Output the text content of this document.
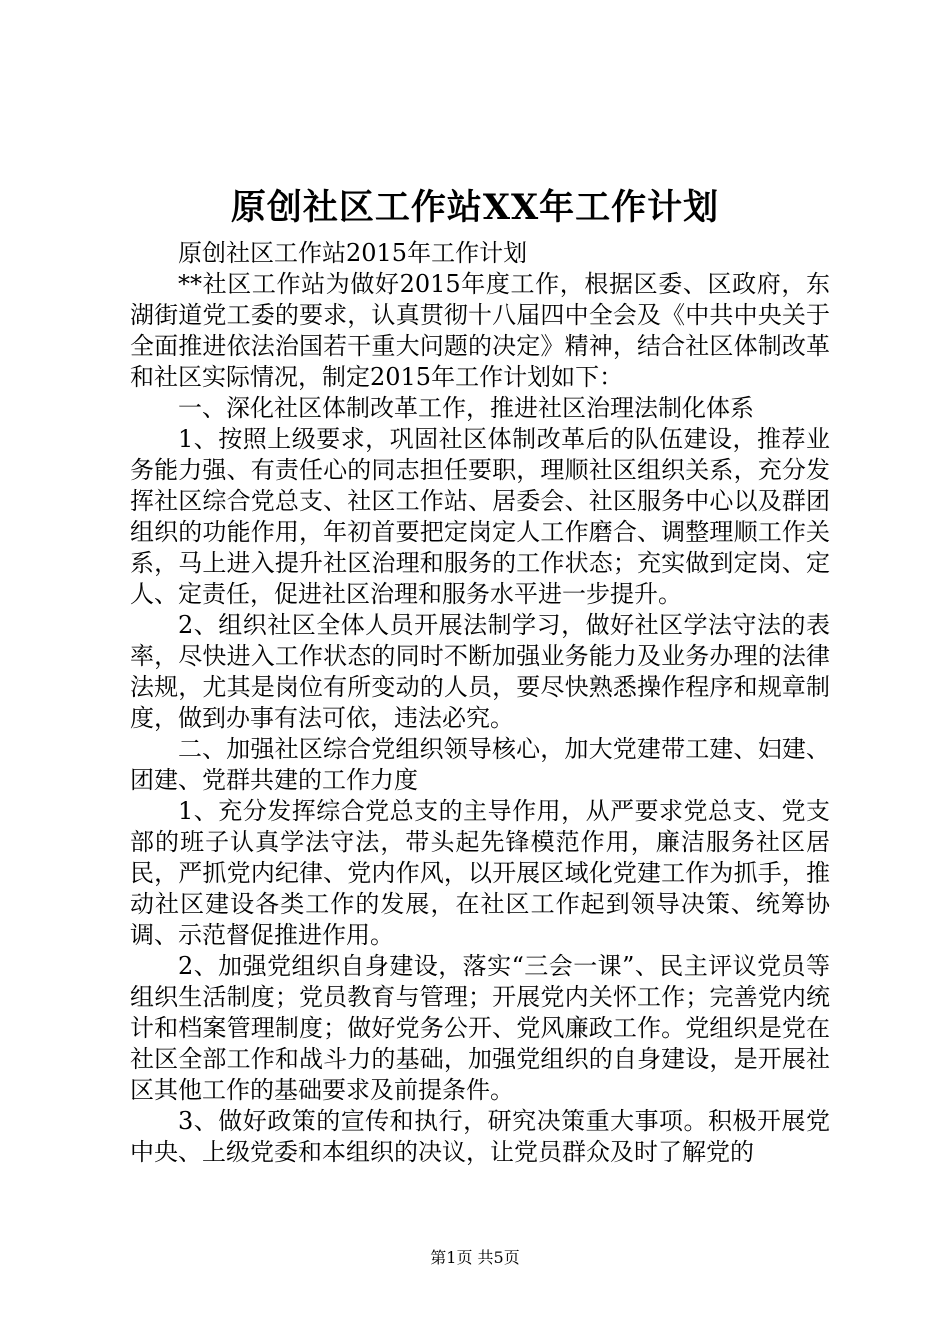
原创社区工作站XX年工作计划

原创社区工作站2015年工作计划

**社区工作站为做好2015年度工作，根据区委、区政府，东湖街道党工委的要求，认真贯彻十八届四中全会及《中共中央关于全面推进依法治国若干重大问题的决定》精神，结合社区体制改革和社区实际情况，制定2015年工作计划如下：

一、深化社区体制改革工作，推进社区治理法制化体系

1、按照上级要求，巩固社区体制改革后的队伍建设，推荐业务能力强、有责任心的同志担任要职，理顺社区组织关系，充分发挥社区综合党总支、社区工作站、居委会、社区服务中心以及群团组织的功能作用，年初首要把定岗定人工作磨合、调整理顺工作关系，马上进入提升社区治理和服务的工作状态；充实做到定岗、定人、定责任，促进社区治理和服务水平进一步提升。

2、组织社区全体人员开展法制学习，做好社区学法守法的表率，尽快进入工作状态的同时不断加强业务能力及业务办理的法律法规，尤其是岗位有所变动的人员，要尽快熟悉操作程序和规章制度，做到办事有法可依，违法必究。

二、加强社区综合党组织领导核心，加大党建带工建、妇建、团建、党群共建的工作力度

1、充分发挥综合党总支的主导作用，从严要求党总支、党支部的班子认真学法守法，带头起先锋模范作用，廉洁服务社区居民，严抓党内纪律、党内作风，以开展区域化党建工作为抓手，推动社区建设各类工作的发展，在社区工作起到领导决策、统筹协调、示范督促推进作用。

2、加强党组织自身建设，落实“三会一课”、民主评议党员等组织生活制度；党员教育与管理；开展党内关怀工作；完善党内统计和档案管理制度；做好党务公开、党风廉政工作。党组织是党在社区全部工作和战斗力的基础，加强党组织的自身建设，是开展社区其他工作的基础要求及前提条件。

3、做好政策的宣传和执行，研究决策重大事项。积极开展党中央、上级党委和本组织的决议，让党员群众及时了解党的

第1页 共5页
